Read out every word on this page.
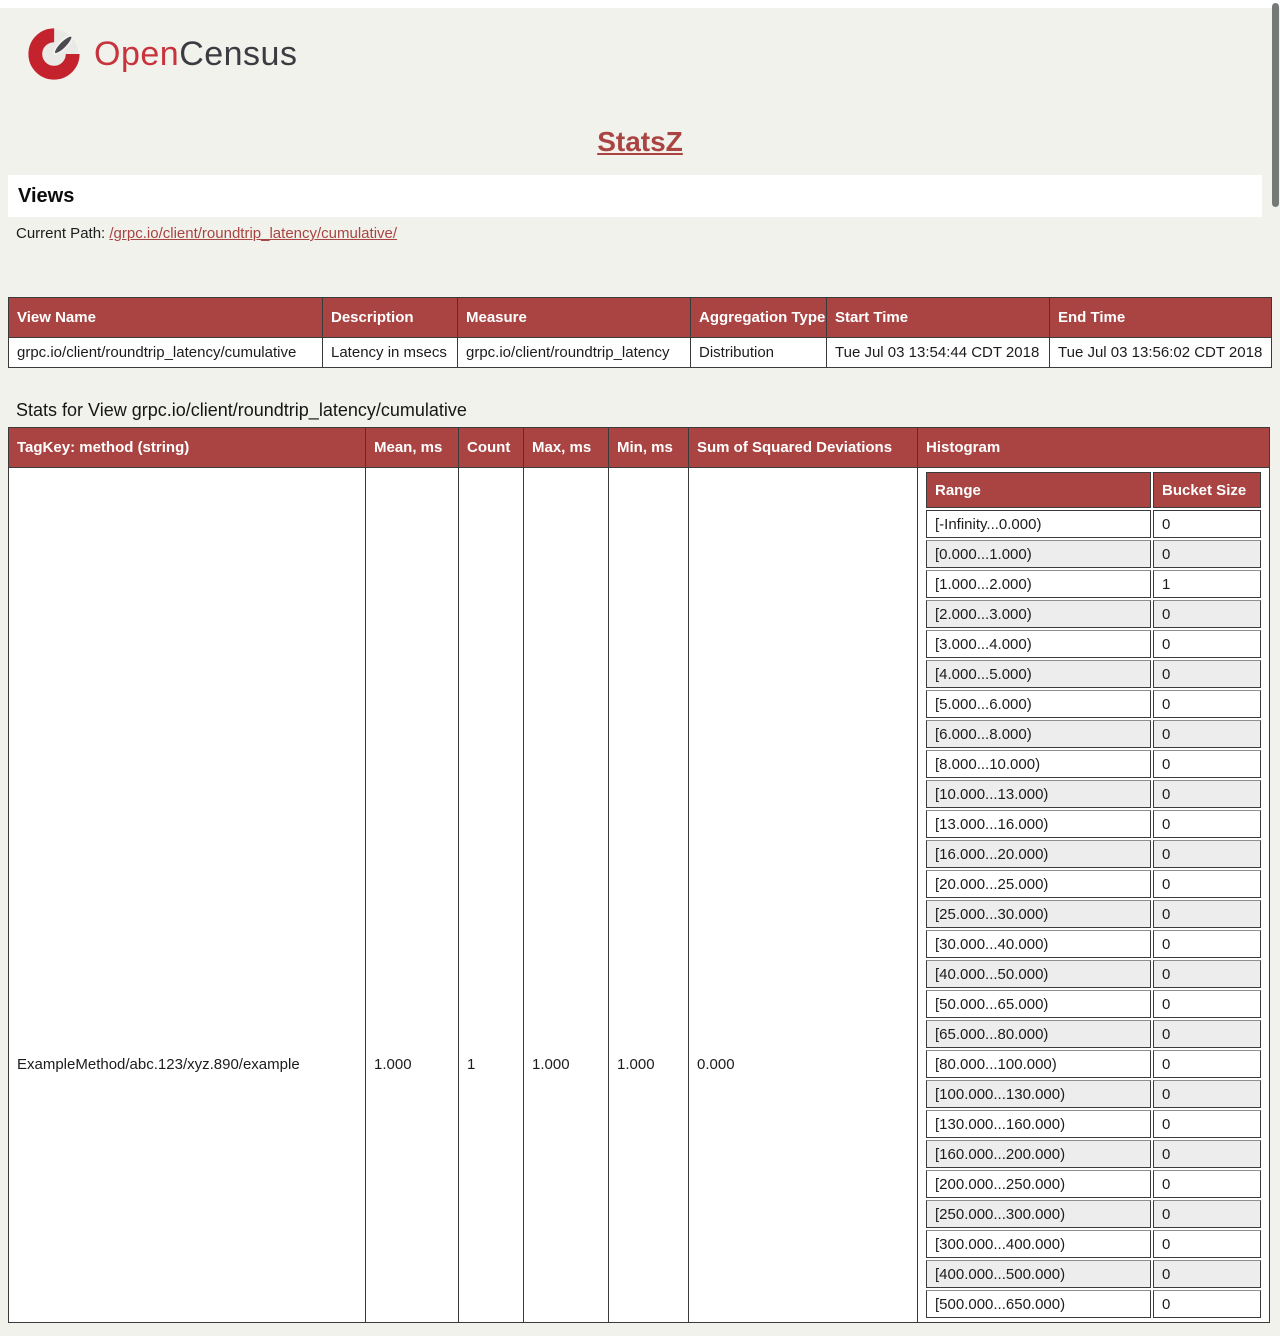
OpenCensus
StatsZ
Views
Current Path: /grpc.io/client/roundtrip_latency/cumulative/
View Name	Description	Measure	Aggregation Type	Start Time	End Time
grpc.io/client/roundtrip_latency/cumulative	Latency in msecs	grpc.io/client/roundtrip_latency	Distribution	Tue Jul 03 13:54:44 CDT 2018	Tue Jul 03 13:56:02 CDT 2018
Stats for View grpc.io/client/roundtrip_latency/cumulative
TagKey: method (string)	Mean, ms	Count	Max, ms	Min, ms	Sum of Squared Deviations	Histogram
ExampleMethod/abc.123/xyz.890/example	1.000	1	1.000	1.000	0.000	
Range	Bucket Size
[-Infinity...0.000)	0
[0.000...1.000)	0
[1.000...2.000)	1
[2.000...3.000)	0
[3.000...4.000)	0
[4.000...5.000)	0
[5.000...6.000)	0
[6.000...8.000)	0
[8.000...10.000)	0
[10.000...13.000)	0
[13.000...16.000)	0
[16.000...20.000)	0
[20.000...25.000)	0
[25.000...30.000)	0
[30.000...40.000)	0
[40.000...50.000)	0
[50.000...65.000)	0
[65.000...80.000)	0
[80.000...100.000)	0
[100.000...130.000)	0
[130.000...160.000)	0
[160.000...200.000)	0
[200.000...250.000)	0
[250.000...300.000)	0
[300.000...400.000)	0
[400.000...500.000)	0
[500.000...650.000)	0
